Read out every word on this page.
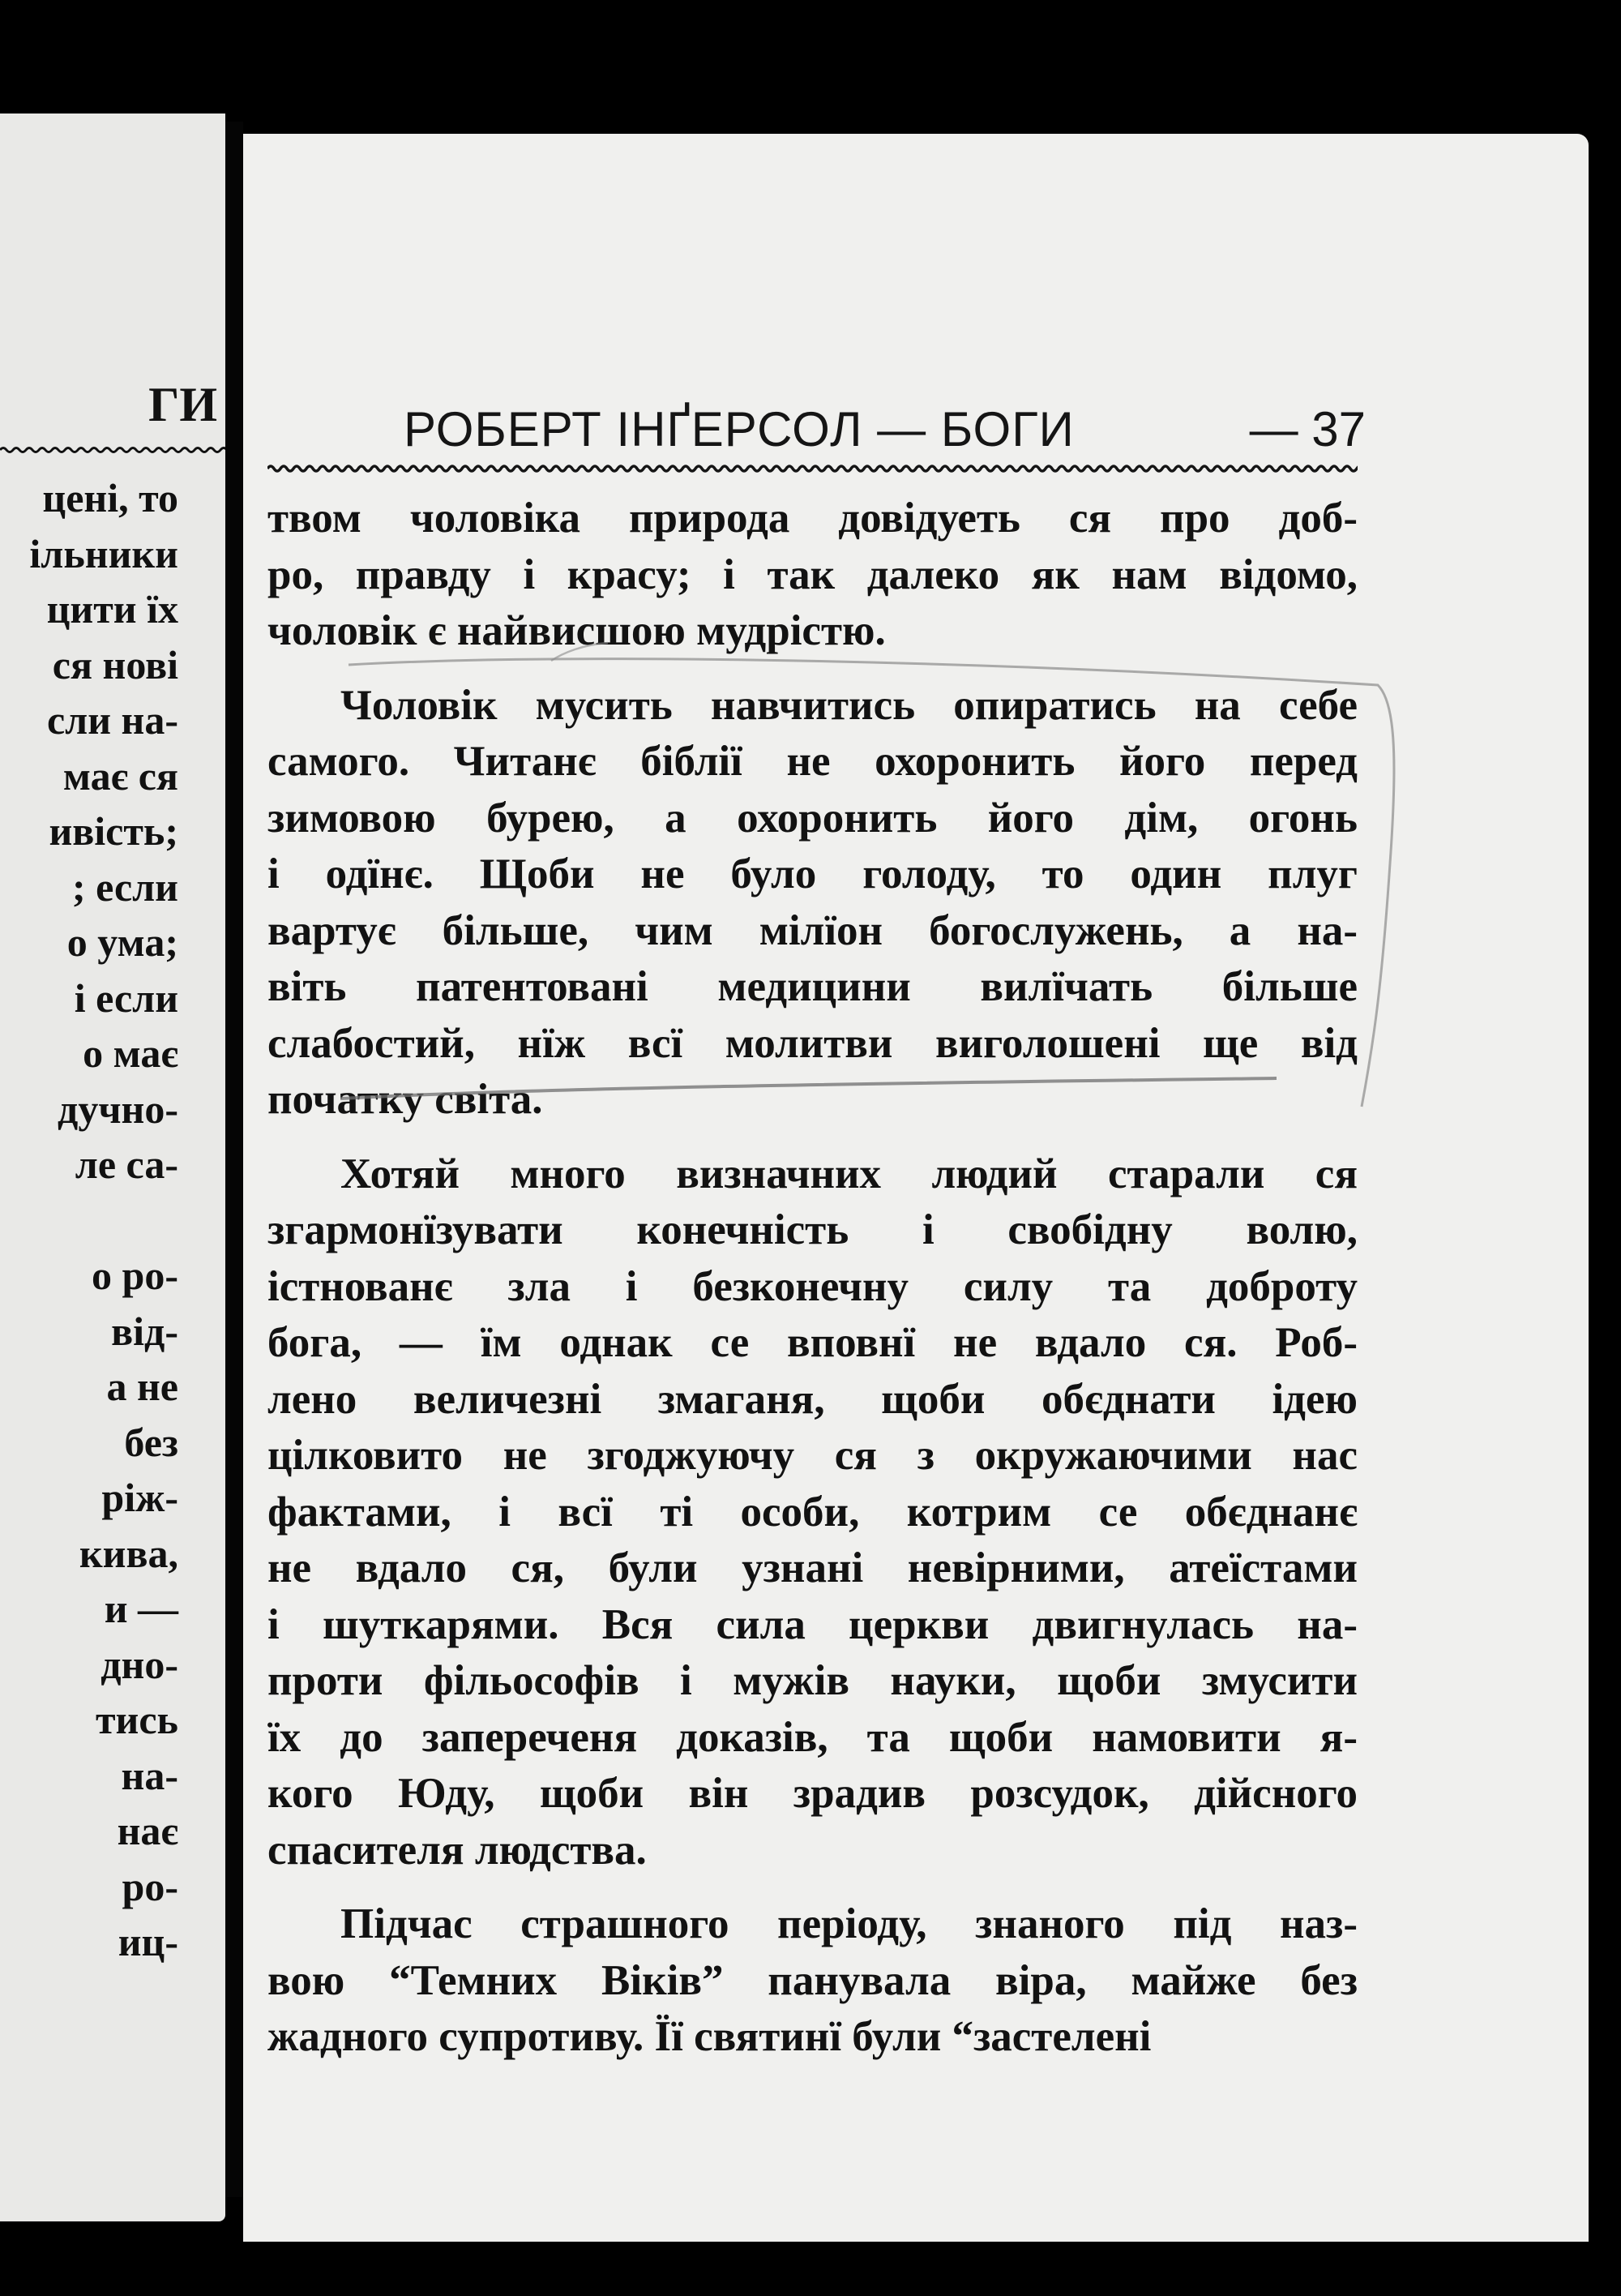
ГИ
цені, то
ільники
цити їх
ся нові
сли на-
має ся
ивість;
; если
о ума;
і если
о має
дучно-
ле са-

о ро-
від-
а не
без
ріж-
кива,
и —
дно-
тись
на-
нає
ро-
иц-
РОБЕРТ ІНҐЕРСОЛ — БОГИ	— 37
твом чоловіка природа довідуеть ся про доб-
ро, правду і красу; і так далеко як нам відомо,
чоловік є найвисшою мудрістю.
Чоловік мусить навчитись опиратись на себе
самого. Читанє біблії не охоронить його перед
зимовою бурею, а охоронить його дім, огонь
і одїнє. Щоби не було голоду, то один плуг
вартує більше, чим мілїон богослужень, а на-
віть патентовані медицини вилїчать більше
слабостий, нїж всї молитви виголошені ще від
початку світа.
Хотяй много визначних людий старали ся
згармонїзувати конечність і свобідну волю,
істнованє зла і безконечну силу та доброту
бога, — їм однак се вповнї не вдало ся. Роб-
лено величезні змаганя, щоби обєднати ідею
цілковито не згоджуючу ся з окружаючими нас
фактами, і всї ті особи, котрим се обєднанє
не вдало ся, були узнані невірними, атеїстами
і шуткарями. Вся сила церкви двигнулась на-
проти фільософів і мужів науки, щоби змусити
їх до запереченя доказів, та щоби намовити я-
кого Юду, щоби він зрадив розсудок, дійсного
спасителя людства.
Підчас страшного періоду, знаного під наз-
вою “Темних Віків” панувала віра, майже без
жадного супротиву. Її святинї були “застелені
